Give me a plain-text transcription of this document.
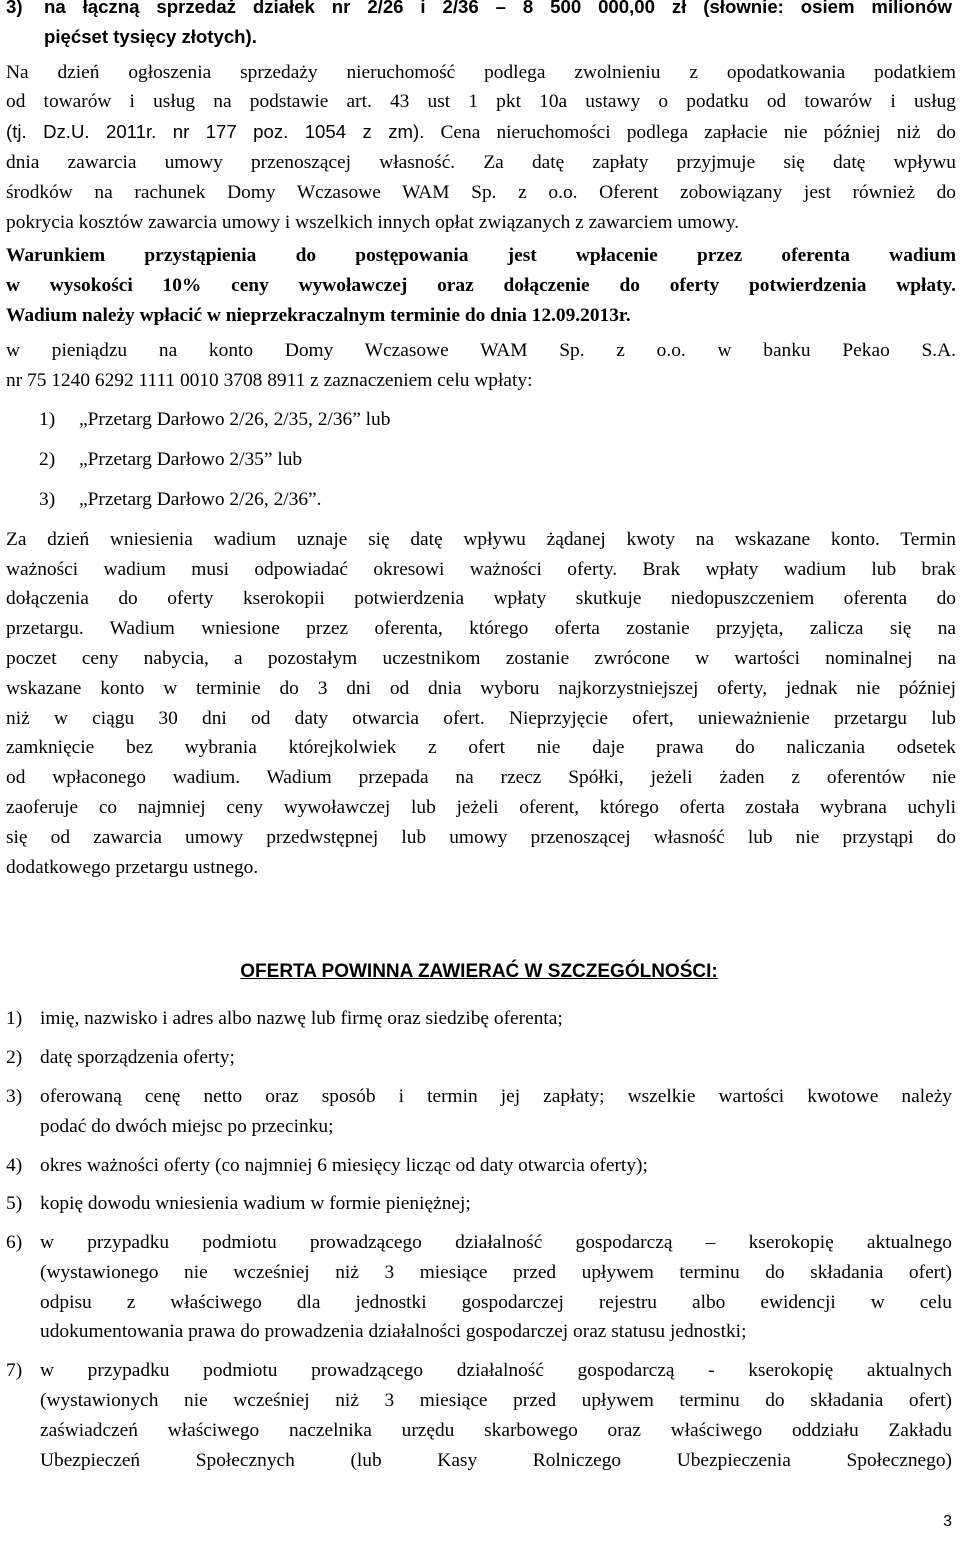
3)	na łączną sprzedaż działek nr 2/26 i 2/36 – 8 500 000,00 zł (słownie: osiem milionów
pięćset tysięcy złotych).
Na dzień ogłoszenia sprzedaży nieruchomość podlega zwolnieniu z opodatkowania podatkiem
od towarów i usług na podstawie art. 43 ust 1 pkt 10a ustawy o podatku od towarów i usług
(tj. Dz.U. 2011r. nr 177 poz. 1054 z zm). Cena nieruchomości podlega zapłacie nie później niż do
dnia zawarcia umowy przenoszącej własność. Za datę zapłaty przyjmuje się datę wpływu
środków na rachunek Domy Wczasowe WAM Sp. z o.o. Oferent zobowiązany jest również do
pokrycia kosztów zawarcia umowy i wszelkich innych opłat związanych z zawarciem umowy.
Warunkiem przystąpienia do postępowania jest wpłacenie przez oferenta wadium
w wysokości 10% ceny wywoławczej oraz dołączenie do oferty potwierdzenia wpłaty.
Wadium należy wpłacić w nieprzekraczalnym terminie do dnia 12.09.2013r.
w pieniądzu na konto Domy Wczasowe WAM Sp. z o.o. w banku Pekao S.A.
nr 75 1240 6292 1111 0010 3708 8911 z zaznaczeniem celu wpłaty:
1)	„Przetarg Darłowo 2/26, 2/35, 2/36” lub
2)	„Przetarg Darłowo 2/35” lub
3)	„Przetarg Darłowo 2/26, 2/36”.
Za dzień wniesienia wadium uznaje się datę wpływu żądanej kwoty na wskazane konto. Termin
ważności wadium musi odpowiadać okresowi ważności oferty. Brak wpłaty wadium lub brak
dołączenia do oferty kserokopii potwierdzenia wpłaty skutkuje niedopuszczeniem oferenta do
przetargu. Wadium wniesione przez oferenta, którego oferta zostanie przyjęta, zalicza się na
poczet ceny nabycia, a pozostałym uczestnikom zostanie zwrócone w wartości nominalnej na
wskazane konto w terminie do 3 dni od dnia wyboru najkorzystniejszej oferty, jednak nie później
niż w ciągu 30 dni od daty otwarcia ofert. Nieprzyjęcie ofert, unieważnienie przetargu lub
zamknięcie bez wybrania którejkolwiek z ofert nie daje prawa do naliczania odsetek
od wpłaconego wadium. Wadium przepada na rzecz Spółki, jeżeli żaden z oferentów nie
zaoferuje co najmniej ceny wywoławczej lub jeżeli oferent, którego oferta została wybrana uchyli
się od zawarcia umowy przedwstępnej lub umowy przenoszącej własność lub nie przystąpi do
dodatkowego przetargu ustnego.
OFERTA POWINNA ZAWIERAĆ W SZCZEGÓLNOŚCI:
1) imię, nazwisko i adres albo nazwę lub firmę oraz siedzibę oferenta;
2) datę sporządzenia oferty;
3) oferowaną cenę netto oraz sposób i termin jej zapłaty; wszelkie wartości kwotowe należy
podać do dwóch miejsc po przecinku;
4) okres ważności oferty (co najmniej 6 miesięcy licząc od daty otwarcia oferty);
5) kopię dowodu wniesienia wadium w formie pieniężnej;
6) w przypadku podmiotu prowadzącego działalność gospodarczą – kserokopię aktualnego
(wystawionego nie wcześniej niż 3 miesiące przed upływem terminu do składania ofert)
odpisu z właściwego dla jednostki gospodarczej rejestru albo ewidencji w celu
udokumentowania prawa do prowadzenia działalności gospodarczej oraz statusu jednostki;
7) w przypadku podmiotu prowadzącego działalność gospodarczą - kserokopię aktualnych
(wystawionych nie wcześniej niż 3 miesiące przed upływem terminu do składania ofert)
zaświadczeń właściwego naczelnika urzędu skarbowego oraz właściwego oddziału Zakładu
Ubezpieczeń Społecznych (lub Kasy Rolniczego Ubezpieczenia Społecznego)
3
